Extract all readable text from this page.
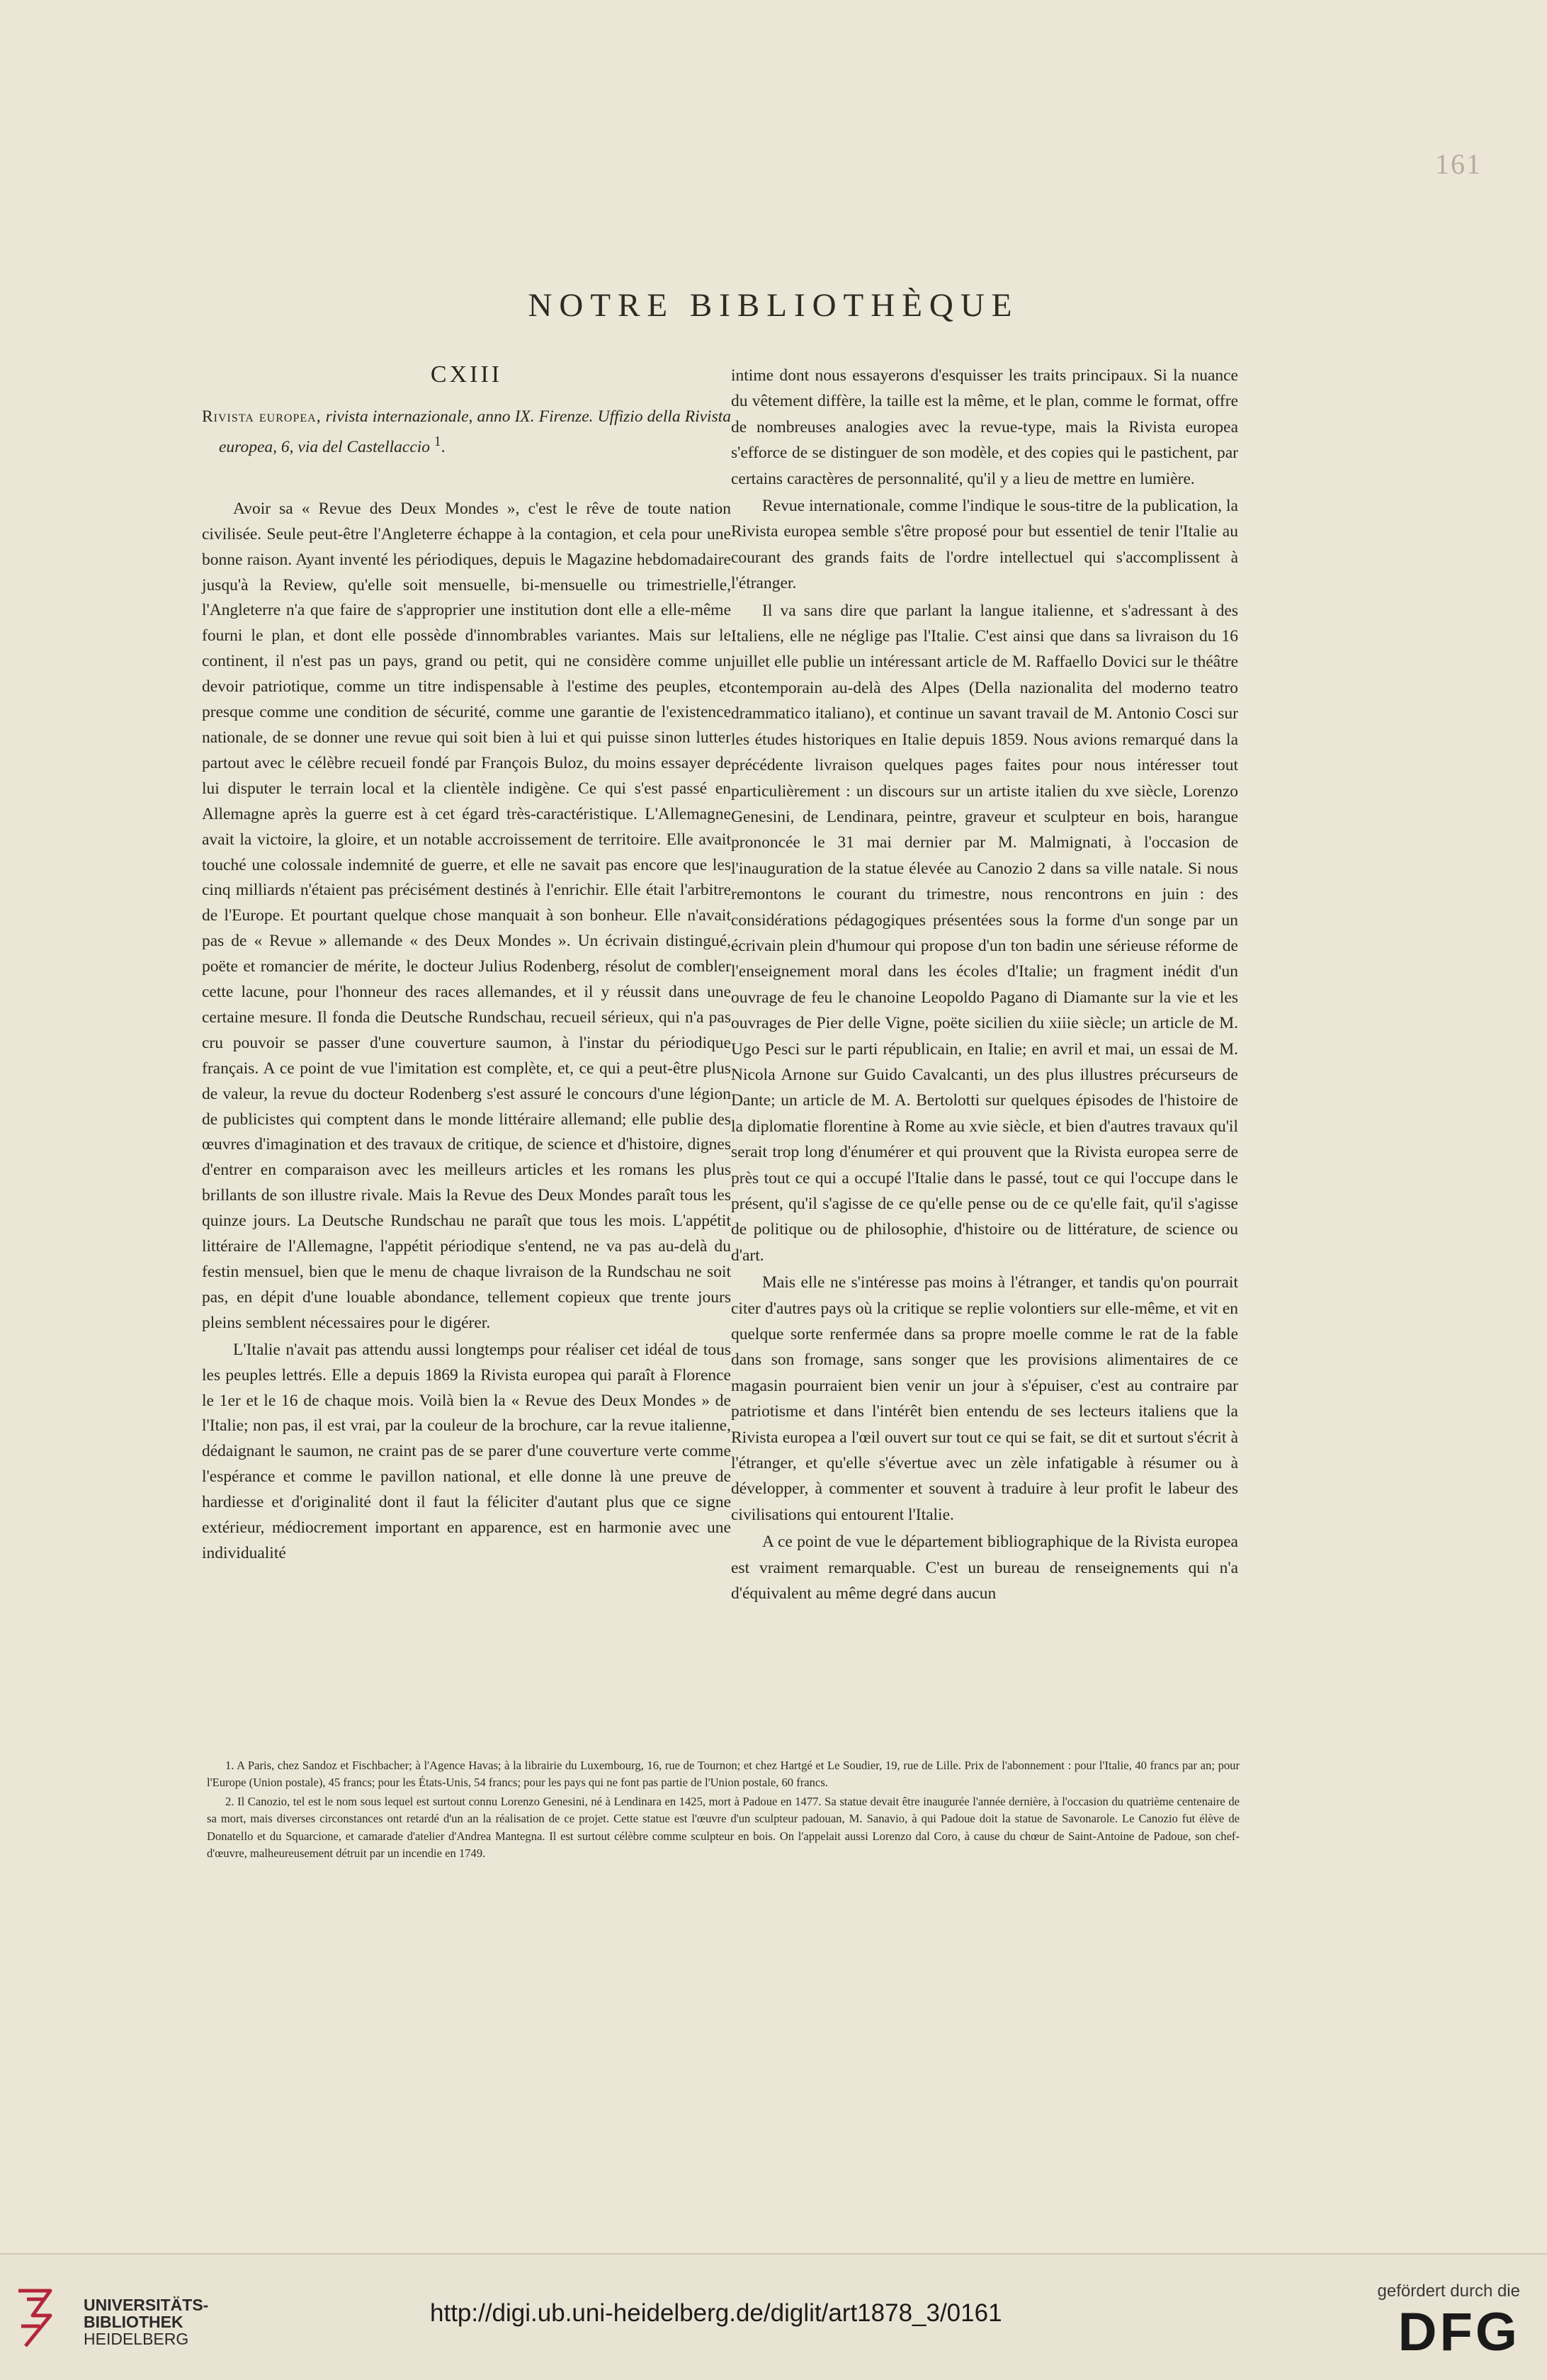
161
NOTRE BIBLIOTHÈQUE
CXIII
Rivista europea, rivista internazionale, anno IX. Firenze. Uffizio della Rivista europea, 6, via del Castellaccio $^1$.

Avoir sa « Revue des Deux Mondes », c'est le rêve de toute nation civilisée. Seule peut-être l'Angleterre échappe à la contagion, et cela pour une bonne raison. Ayant inventé les périodiques, depuis le Magazine hebdomadaire jusqu'à la Review, qu'elle soit mensuelle, bi-mensuelle ou trimestrielle, l'Angleterre n'a que faire de s'approprier une institution dont elle a elle-même fourni le plan, et dont elle possède d'innombrables variantes. Mais sur le continent, il n'est pas un pays, grand ou petit, qui ne considère comme un devoir patriotique, comme un titre indispensable à l'estime des peuples, et presque comme une condition de sécurité, comme une garantie de l'existence nationale, de se donner une revue qui soit bien à lui et qui puisse sinon lutter partout avec le célèbre recueil fondé par François Buloz, du moins essayer de lui disputer le terrain local et la clientèle indigène. Ce qui s'est passé en Allemagne après la guerre est à cet égard très-caractéristique. L'Allemagne avait la victoire, la gloire, et un notable accroissement de territoire. Elle avait touché une colossale indemnité de guerre, et elle ne savait pas encore que les cinq milliards n'étaient pas précisément destinés à l'enrichir. Elle était l'arbitre de l'Europe. Et pourtant quelque chose manquait à son bonheur. Elle n'avait pas de « Revue » allemande « des Deux Mondes ». Un écrivain distingué, poëte et romancier de mérite, le docteur Julius Rodenberg, résolut de combler cette lacune, pour l'honneur des races allemandes, et il y réussit dans une certaine mesure. Il fonda die Deutsche Rundschau, recueil sérieux, qui n'a pas cru pouvoir se passer d'une couverture saumon, à l'instar du périodique français. A ce point de vue l'imitation est complète, et, ce qui a peut-être plus de valeur, la revue du docteur Rodenberg s'est assuré le concours d'une légion de publicistes qui comptent dans le monde littéraire allemand; elle publie des œuvres d'imagination et des travaux de critique, de science et d'histoire, dignes d'entrer en comparaison avec les meilleurs articles et les romans les plus brillants de son illustre rivale. Mais la Revue des Deux Mondes paraît tous les quinze jours. La Deutsche Rundschau ne paraît que tous les mois. L'appétit littéraire de l'Allemagne, l'appétit périodique s'entend, ne va pas au-delà du festin mensuel, bien que le menu de chaque livraison de la Rundschau ne soit pas, en dépit d'une louable abondance, tellement copieux que trente jours pleins semblent nécessaires pour le digérer.

L'Italie n'avait pas attendu aussi longtemps pour réaliser cet idéal de tous les peuples lettrés. Elle a depuis 1869 la Rivista europea qui paraît à Florence le 1er et le 16 de chaque mois. Voilà bien la « Revue des Deux Mondes » de l'Italie; non pas, il est vrai, par la couleur de la brochure, car la revue italienne, dédaignant le saumon, ne craint pas de se parer d'une couverture verte comme l'espérance et comme le pavillon national, et elle donne là une preuve de hardiesse et d'originalité dont il faut la féliciter d'autant plus que ce signe extérieur, médiocrement important en apparence, est en harmonie avec une individualité

intime dont nous essayerons d'esquisser les traits principaux. Si la nuance du vêtement diffère, la taille est la même, et le plan, comme le format, offre de nombreuses analogies avec la revue-type, mais la Rivista europea s'efforce de se distinguer de son modèle, et des copies qui le pastichent, par certains caractères de personnalité, qu'il y a lieu de mettre en lumière.

Revue internationale, comme l'indique le sous-titre de la publication, la Rivista europea semble s'être proposé pour but essentiel de tenir l'Italie au courant des grands faits de l'ordre intellectuel qui s'accomplissent à l'étranger.

Il va sans dire que parlant la langue italienne, et s'adressant à des Italiens, elle ne néglige pas l'Italie. C'est ainsi que dans sa livraison du 16 juillet elle publie un intéressant article de M. Raffaello Dovici sur le théâtre contemporain au-delà des Alpes (Della nazionalita del moderno teatro drammatico italiano), et continue un savant travail de M. Antonio Cosci sur les études historiques en Italie depuis 1859. Nous avions remarqué dans la précédente livraison quelques pages faites pour nous intéresser tout particulièrement : un discours sur un artiste italien du xve siècle, Lorenzo Genesini, de Lendinara, peintre, graveur et sculpteur en bois, harangue prononcée le 31 mai dernier par M. Malmignati, à l'occasion de l'inauguration de la statue élevée au Canozio 2 dans sa ville natale. Si nous remontons le courant du trimestre, nous rencontrons en juin : des considérations pédagogiques présentées sous la forme d'un songe par un écrivain plein d'humour qui propose d'un ton badin une sérieuse réforme de l'enseignement moral dans les écoles d'Italie; un fragment inédit d'un ouvrage de feu le chanoine Leopoldo Pagano di Diamante sur la vie et les ouvrages de Pier delle Vigne, poëte sicilien du xiiie siècle; un article de M. Ugo Pesci sur le parti républicain, en Italie; en avril et mai, un essai de M. Nicola Arnone sur Guido Cavalcanti, un des plus illustres précurseurs de Dante; un article de M. A. Bertolotti sur quelques épisodes de l'histoire de la diplomatie florentine à Rome au xvie siècle, et bien d'autres travaux qu'il serait trop long d'énumérer et qui prouvent que la Rivista europea serre de près tout ce qui a occupé l'Italie dans le passé, tout ce qui l'occupe dans le présent, qu'il s'agisse de ce qu'elle pense ou de ce qu'elle fait, qu'il s'agisse de politique ou de philosophie, d'histoire ou de littérature, de science ou d'art.

Mais elle ne s'intéresse pas moins à l'étranger, et tandis qu'on pourrait citer d'autres pays où la critique se replie volontiers sur elle-même, et vit en quelque sorte renfermée dans sa propre moelle comme le rat de la fable dans son fromage, sans songer que les provisions alimentaires de ce magasin pourraient bien venir un jour à s'épuiser, c'est au contraire par patriotisme et dans l'intérêt bien entendu de ses lecteurs italiens que la Rivista europea a l'œil ouvert sur tout ce qui se fait, se dit et surtout s'écrit à l'étranger, et qu'elle s'évertue avec un zèle infatigable à résumer ou à développer, à commenter et souvent à traduire à leur profit le labeur des civilisations qui entourent l'Italie.

A ce point de vue le département bibliographique de la Rivista europea est vraiment remarquable. C'est un bureau de renseignements qui n'a d'équivalent au même degré dans aucun

1. A Paris, chez Sandoz et Fischbacher; à l'Agence Havas; à la librairie du Luxembourg, 16, rue de Tournon; et chez Hartgé et Le Soudier, 19, rue de Lille. Prix de l'abonnement : pour l'Italie, 40 francs par an; pour l'Europe (Union postale), 45 francs; pour les États-Unis, 54 francs; pour les pays qui ne font pas partie de l'Union postale, 60 francs.

2. Il Canozio, tel est le nom sous lequel est surtout connu Lorenzo Genesini, né à Lendinara en 1425, mort à Padoue en 1477. Sa statue devait être inaugurée l'année dernière, à l'occasion du quatrième centenaire de sa mort, mais diverses circonstances ont retardé d'un an la réalisation de ce projet. Cette statue est l'œuvre d'un sculpteur padouan, M. Sanavio, à qui Padoue doit la statue de Savonarole. Le Canozio fut élève de Donatello et du Squarcione, et camarade d'atelier d'Andrea Mantegna. Il est surtout célèbre comme sculpteur en bois. On l'appelait aussi Lorenzo dal Coro, à cause du chœur de Saint-Antoine de Padoue, son chef-d'œuvre, malheureusement détruit par un incendie en 1749.

UNIVERSITÄTS-
BIBLIOTHEK
HEIDELBERG
http://digi.ub.uni-heidelberg.de/diglit/art1878_3/0161
gefördert durch die
DFG
